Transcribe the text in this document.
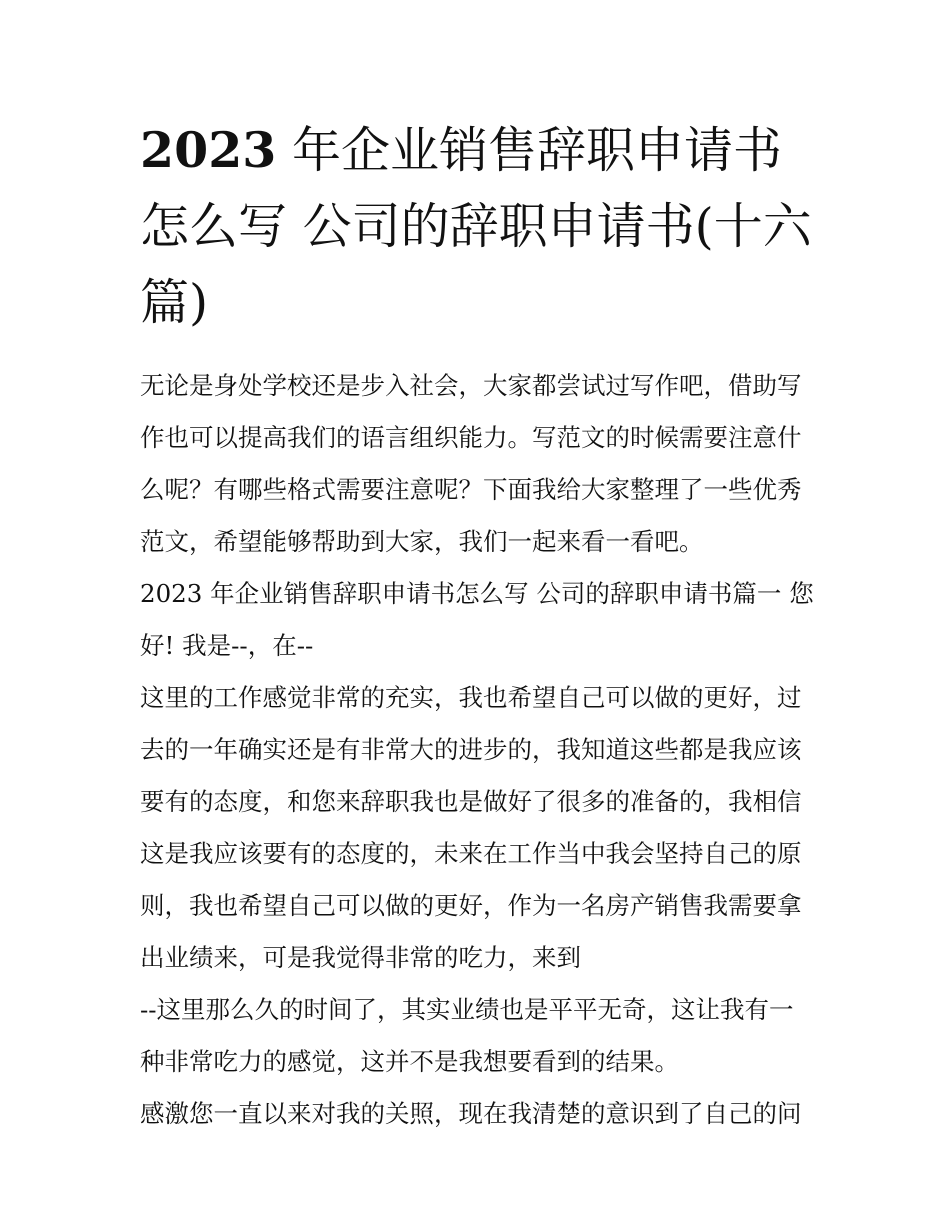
2023 年企业销售辞职申请书怎么写 公司的辞职申请书(十六篇)

无论是身处学校还是步入社会，大家都尝试过写作吧，借助写作也可以提高我们的语言组织能力。写范文的时候需要注意什么呢？有哪些格式需要注意呢？下面我给大家整理了一些优秀范文，希望能够帮助到大家，我们一起来看一看吧。

2023 年企业销售辞职申请书怎么写 公司的辞职申请书篇一 您好! 我是--，在--

这里的工作感觉非常的充实，我也希望自己可以做的更好，过去的一年确实还是有非常大的进步的，我知道这些都是我应该要有的态度，和您来辞职我也是做好了很多的准备的，我相信这是我应该要有的态度的，未来在工作当中我会坚持自己的原则，我也希望自己可以做的更好，作为一名房产销售我需要拿出业绩来，可是我觉得非常的吃力，来到

--这里那么久的时间了，其实业绩也是平平无奇，这让我有一种非常吃力的感觉，这并不是我想要看到的结果。

感激您一直以来对我的关照，现在我清楚的意识到了自己的问
